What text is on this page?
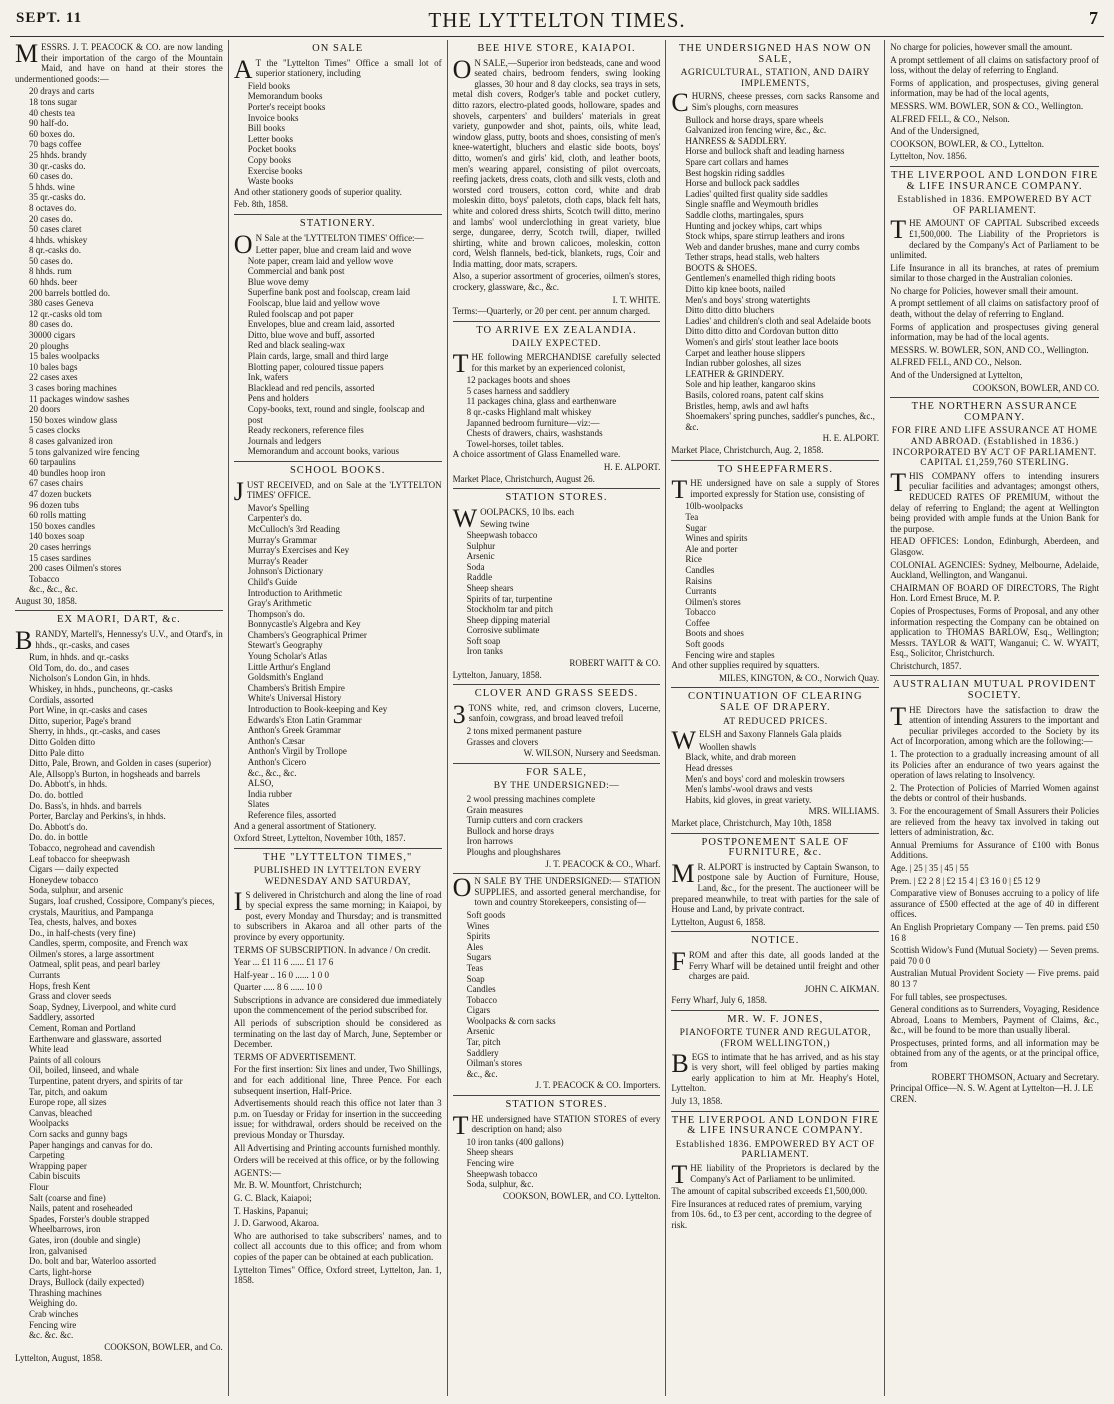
SEPT. 11	THE LYTTELTON TIMES.	7

MESSRS. J. T. PEACOCK & CO. are now landing their importation of the cargo of the Mountain Maid, and have on hand at their stores the undermentioned goods:—

20 drays and carts
18 tons sugar
40 chests tea
90 half-do.
60 boxes do.
70 bags coffee
25 hhds. brandy
30 qr.-casks do.
60 cases do.
5 hhds. wine
35 qr.-casks do.
8 octaves do.
20 cases do.
50 cases claret
4 hhds. whiskey
8 qr.-casks do.
50 cases do.
8 hhds. rum
60 hhds. beer
200 barrels bottled do.
380 cases Geneva
12 qr.-casks old tom
80 cases do.
30000 cigars
20 ploughs
15 bales woolpacks
10 bales bags
22 cases axes
3 cases boring machines
11 packages window sashes
20 doors
150 boxes window glass
5 cases clocks
8 cases galvanized iron
5 tons galvanized wire fencing
60 tarpaulins
40 bundles hoop iron
67 cases chairs
47 dozen buckets
96 dozen tubs
60 rolls matting
150 boxes candles
140 boxes soap
20 cases herrings
15 cases sardines
200 cases Oilmen's stores
Tobacco
&c., &c., &c.
August 30, 1858.
EX MAORI, DART, &c.

BRANDY, Martell's, Hennessy's U.V., and Otard's, in hhds., qr.-casks, and cases

Rum, in hhds. and qr.-casks
Old Tom, do. do., and cases
Nicholson's London Gin, in hhds.
Whiskey, in hhds., puncheons, qr.-casks
Cordials, assorted
Port Wine, in qr.-casks and cases
Ditto, superior, Page's brand
Sherry, in hhds., qr.-casks, and cases
Ditto Golden ditto
Ditto Pale ditto
Ditto, Pale, Brown, and Golden in cases (superior)
Ale, Allsopp's Burton, in hogsheads and barrels
Do. Abbott's, in hhds.
Do. do. bottled
Do. Bass's, in hhds. and barrels
Porter, Barclay and Perkins's, in hhds.
Do. Abbott's do.
Do. do. in bottle
Tobacco, negrohead and cavendish
Leaf tobacco for sheepwash
Cigars — daily expected
Honeydew tobacco
Soda, sulphur, and arsenic
Sugars, loaf crushed, Cossipore, Company's pieces, crystals, Mauritius, and Pampanga
Tea, chests, halves, and boxes
Do., in half-chests (very fine)
Candles, sperm, composite, and French wax
Oilmen's stores, a large assortment
Oatmeal, split peas, and pearl barley
Currants
Hops, fresh Kent
Grass and clover seeds
Soap, Sydney, Liverpool, and white curd
Saddlery, assorted
Cement, Roman and Portland
Earthenware and glassware, assorted
White lead
Paints of all colours
Oil, boiled, linseed, and whale
Turpentine, patent dryers, and spirits of tar
Tar, pitch, and oakum
Europe rope, all sizes
Canvas, bleached
Woolpacks
Corn sacks and gunny bags
Paper hangings and canvas for do.
Carpeting
Wrapping paper
Cabin biscuits
Flour
Salt (coarse and fine)
Nails, patent and roseheaded
Spades, Forster's double strapped
Wheelbarrows, iron
Gates, iron (double and single)
Iron, galvanised
Do. bolt and bar, Waterloo assorted
Carts, light-horse
Drays, Bullock (daily expected)
Thrashing machines
Weighing do.
Crab winches
Fencing wire
&c. &c. &c.
COOKSON, BOWLER, and Co.
Lyttelton, August, 1858.
ON SALE

AT the "Lyttelton Times" Office a small lot of superior stationery, including

Field books
Memorandum books
Porter's receipt books
Invoice books
Bill books
Letter books
Pocket books
Copy books
Exercise books
Waste books

And other stationery goods of superior quality.

Feb. 8th, 1858.
STATIONERY.

ON Sale at the 'LYTTELTON TIMES' Office:—

Letter paper, blue and cream laid and wove
Note paper, cream laid and yellow wove
Commercial and bank post
Blue wove demy
Superfine bank post and foolscap, cream laid
Foolscap, blue laid and yellow wove
Ruled foolscap and pot paper
Envelopes, blue and cream laid, assorted
Ditto, blue wove and buff, assorted
Red and black sealing-wax
Plain cards, large, small and third large
Blotting paper, coloured tissue papers
Ink, wafers
Blacklead and red pencils, assorted
Pens and holders
Copy-books, text, round and single, foolscap and post
Ready reckoners, reference files
Journals and ledgers
Memorandum and account books, various
SCHOOL BOOKS.

JUST RECEIVED, and on Sale at the 'LYTTELTON TIMES' OFFICE.

Mavor's Spelling
Carpenter's do.
McCulloch's 3rd Reading
Murray's Grammar
Murray's Exercises and Key
Murray's Reader
Johnson's Dictionary
Child's Guide
Introduction to Arithmetic
Gray's Arithmetic
Thompson's do.
Bonnycastle's Algebra and Key
Chambers's Geographical Primer
Stewart's Geography
Young Scholar's Atlas
Little Arthur's England
Goldsmith's England
Chambers's British Empire
White's Universal History
Introduction to Book-keeping and Key
Edwards's Eton Latin Grammar
Anthon's Greek Grammar
Anthon's Cæsar
Anthon's Virgil by Trollope
Anthon's Cicero
&c., &c., &c.
ALSO,
India rubber
Slates
Reference files, assorted

And a general assortment of Stationery.

Oxford Street, Lyttelton, November 10th, 1857.
THE "LYTTELTON TIMES,"
PUBLISHED IN LYTTELTON EVERY WEDNESDAY AND SATURDAY,

IS delivered in Christchurch and along the line of road by special express the same morning; in Kaiapoi, by post, every Monday and Thursday; and is transmitted to subscribers in Akaroa and all other parts of the province by every opportunity.

TERMS OF SUBSCRIPTION. In advance / On credit.

Year ... £1 11 6 ...... £1 17 6

Half-year .. 16 0 ...... 1 0 0

Quarter ..... 8 6 ...... 10 0

Subscriptions in advance are considered due immediately upon the commencement of the period subscribed for.

All periods of subscription should be considered as terminating on the last day of March, June, September or December.

TERMS OF ADVERTISEMENT.

For the first insertion: Six lines and under, Two Shillings, and for each additional line, Three Pence. For each subsequent insertion, Half-Price.

Advertisements should reach this office not later than 3 p.m. on Tuesday or Friday for insertion in the succeeding issue; for withdrawal, orders should be received on the previous Monday or Thursday.

All Advertising and Printing accounts furnished monthly.

Orders will be received at this office, or by the following

AGENTS:—

Mr. B. W. Mountfort, Christchurch;

G. C. Black, Kaiapoi;

T. Haskins, Papanui;

J. D. Garwood, Akaroa.

Who are authorised to take subscribers' names, and to collect all accounts due to this office; and from whom copies of the paper can be obtained at each publication.

Lyttelton Times" Office, Oxford street, Lyttelton, Jan. 1, 1858.

BEE HIVE STORE, KAIAPOI.

ON SALE,—Superior iron bedsteads, cane and wood seated chairs, bedroom fenders, swing looking glasses, 30 hour and 8 day clocks, sea trays in sets, metal dish covers, Rodger's table and pocket cutlery, ditto razors, electro-plated goods, holloware, spades and shovels, carpenters' and builders' materials in great variety, gunpowder and shot, paints, oils, white lead, window glass, putty, boots and shoes, consisting of men's knee-watertight, bluchers and elastic side boots, boys' ditto, women's and girls' kid, cloth, and leather boots, men's wearing apparel, consisting of pilot overcoats, reefing jackets, dress coats, cloth and silk vests, cloth and worsted cord trousers, cotton cord, white and drab moleskin ditto, boys' paletots, cloth caps, black felt hats, white and colored dress shirts, Scotch twill ditto, merino and lambs' wool underclothing in great variety, blue serge, dungaree, derry, Scotch twill, diaper, twilled shirting, white and brown calicoes, moleskin, cotton cord, Welsh flannels, bed-tick, blankets, rugs, Coir and India matting, door mats, scrapers.

Also, a superior assortment of groceries, oilmen's stores, crockery, glassware, &c., &c.

I. T. WHITE.
Terms:—Quarterly, or 20 per cent. per annum charged.
TO ARRIVE EX ZEALANDIA.
DAILY EXPECTED.

THE following MERCHANDISE carefully selected for this market by an experienced colonist,

12 packages boots and shoes
5 cases harness and saddlery
11 packages china, glass and earthenware
8 qr.-casks Highland malt whiskey
Japanned bedroom furniture—viz:—
Chests of drawers, chairs, washstands
Towel-horses, toilet tables.

A choice assortment of Glass Enamelled ware.

H. E. ALPORT.
Market Place, Christchurch, August 26.
STATION STORES.

WOOLPACKS, 10 lbs. each

Sewing twine
Sheepwash tobacco
Sulphur
Arsenic
Soda
Raddle
Sheep shears
Spirits of tar, turpentine
Stockholm tar and pitch
Sheep dipping material
Corrosive sublimate
Soft soap
Iron tanks
ROBERT WAITT & CO.
Lyttelton, January, 1858.
CLOVER AND GRASS SEEDS.

3TONS white, red, and crimson clovers, Lucerne, sanfoin, cowgrass, and broad leaved trefoil

2 tons mixed permanent pasture
Grasses and clovers
W. WILSON, Nursery and Seedsman.
FOR SALE,
BY THE UNDERSIGNED:—
2 wool pressing machines complete
Grain measures
Turnip cutters and corn crackers
Bullock and horse drays
Iron harrows
Ploughs and ploughshares
J. T. PEACOCK & CO., Wharf.

ON SALE BY THE UNDERSIGNED:— STATION SUPPLIES, and assorted general merchandise, for town and country Storekeepers, consisting of—

Soft goods
Wines
Spirits
Ales
Sugars
Teas
Soap
Candles
Tobacco
Cigars
Woolpacks & corn sacks
Arsenic
Tar, pitch
Saddlery
Oilman's stores
&c., &c.
J. T. PEACOCK & CO. Importers.
STATION STORES.

THE undersigned have STATION STORES of every description on hand; also

10 iron tanks (400 gallons)
Sheep shears
Fencing wire
Sheepwash tobacco
Soda, sulphur, &c.
COOKSON, BOWLER, and CO. Lyttelton.
THE UNDERSIGNED HAS NOW ON SALE,
AGRICULTURAL, STATION, AND DAIRY IMPLEMENTS,

CHURNS, cheese presses, corn sacks Ransome and Sim's ploughs, corn measures

Bullock and horse drays, spare wheels
Galvanized iron fencing wire, &c., &c.
HANRESS & SADDLERY.
Horse and bullock shaft and leading harness
Spare cart collars and hames
Best hogskin riding saddles
Horse and bullock pack saddles
Ladies' quilted first quality side saddles
Single snaffle and Weymouth bridles
Saddle cloths, martingales, spurs
Hunting and jockey whips, cart whips
Stock whips, spare stirrup leathers and irons
Web and dander brushes, mane and curry combs
Tether straps, head stalls, web halters
BOOTS & SHOES.
Gentlemen's enamelled thigh riding boots
Ditto kip knee boots, nailed
Men's and boys' strong watertights
Ditto ditto ditto bluchers
Ladies' and children's cloth and seal Adelaide boots
Ditto ditto ditto and Cordovan button ditto
Women's and girls' stout leather lace boots
Carpet and leather house slippers
Indian rubber goloshes, all sizes
LEATHER & GRINDERY.
Sole and hip leather, kangaroo skins
Basils, colored roans, patent calf skins
Bristles, hemp, awls and awl hafts
Shoemakers' spring punches, saddler's punches, &c., &c.
H. E. ALPORT.
Market Place, Christchurch, Aug. 2, 1858.
TO SHEEPFARMERS.

THE undersigned have on sale a supply of Stores imported expressly for Station use, consisting of

10lb-woolpacks
Tea
Sugar
Wines and spirits
Ale and porter
Rice
Candles
Raisins
Currants
Oilmen's stores
Tobacco
Coffee
Boots and shoes
Soft goods
Fencing wire and staples

And other supplies required by squatters.

MILES, KINGTON, & CO., Norwich Quay.
CONTINUATION OF CLEARING SALE OF DRAPERY.
AT REDUCED PRICES.

WELSH and Saxony Flannels Gala plaids

Woollen shawls
Black, white, and drab moreen
Head dresses
Men's and boys' cord and moleskin trowsers
Men's lambs'-wool draws and vests
Habits, kid gloves, in great variety.
MRS. WILLIAMS.
Market place, Christchurch, May 10th, 1858
POSTPONEMENT SALE OF FURNITURE, &c.

MR. ALPORT is instructed by Captain Swanson, to postpone sale by Auction of Furniture, House, Land, &c., for the present. The auctioneer will be prepared meanwhile, to treat with parties for the sale of House and Land, by private contract.

Lyttelton, August 6, 1858.
NOTICE.

FROM and after this date, all goods landed at the Ferry Wharf will be detained until freight and other charges are paid.

JOHN C. AIKMAN.
Ferry Wharf, July 6, 1858.
MR. W. F. JONES,
PIANOFORTE TUNER AND REGULATOR, (FROM WELLINGTON,)

BEGS to intimate that he has arrived, and as his stay is very short, will feel obliged by parties making early application to him at Mr. Heaphy's Hotel, Lyttelton.

July 13, 1858.
THE LIVERPOOL AND LONDON FIRE & LIFE INSURANCE COMPANY.
Established 1836. EMPOWERED BY ACT OF PARLIAMENT.

THE liability of the Proprietors is declared by the Company's Act of Parliament to be unlimited.

The amount of capital subscribed exceeds £1,500,000.

Fire Insurances at reduced rates of premium, varying from 10s. 6d., to £3 per cent, according to the degree of risk.

No charge for policies, however small the amount.

A prompt settlement of all claims on satisfactory proof of loss, without the delay of referring to England.

Forms of application, and prospectuses, giving general information, may be had of the local agents,

MESSRS. WM. BOWLER, SON & CO., Wellington.

ALFRED FELL, & CO., Nelson.

And of the Undersigned,

COOKSON, BOWLER, & CO., Lyttelton.

Lyttelton, Nov. 1856.
THE LIVERPOOL AND LONDON FIRE & LIFE INSURANCE COMPANY.
Established in 1836. EMPOWERED BY ACT OF PARLIAMENT.

THE AMOUNT OF CAPITAL Subscribed exceeds £1,500,000. The Liability of the Proprietors is declared by the Company's Act of Parliament to be unlimited.

Life Insurance in all its branches, at rates of premium similar to those charged in the Australian colonies.

No charge for Policies, however small their amount.

A prompt settlement of all claims on satisfactory proof of death, without the delay of referring to England.

Forms of application and prospectuses giving general information, may be had of the local agents.

MESSRS. W. BOWLER, SON, AND CO., Wellington.

ALFRED FELL, AND CO., Nelson.

And of the Undersigned at Lyttelton,

COOKSON, BOWLER, AND CO.
THE NORTHERN ASSURANCE COMPANY.
FOR FIRE AND LIFE ASSURANCE AT HOME AND ABROAD. (Established in 1836.) INCORPORATED BY ACT OF PARLIAMENT. CAPITAL £1,259,760 STERLING.

THIS COMPANY offers to intending insurers peculiar facilities and advantages; amongst others, REDUCED RATES OF PREMIUM, without the delay of referring to England; the agent at Wellington being provided with ample funds at the Union Bank for the purpose.

HEAD OFFICES: London, Edinburgh, Aberdeen, and Glasgow.

COLONIAL AGENCIES: Sydney, Melbourne, Adelaide, Auckland, Wellington, and Wanganui.

CHAIRMAN OF BOARD OF DIRECTORS, The Right Hon. Lord Ernest Bruce, M. P.

Copies of Prospectuses, Forms of Proposal, and any other information respecting the Company can be obtained on application to THOMAS BARLOW, Esq., Wellington; Messrs. TAYLOR & WATT, Wanganui; C. W. WYATT, Esq., Solicitor, Christchurch.

Christchurch, 1857.
AUSTRALIAN MUTUAL PROVIDENT SOCIETY.

THE Directors have the satisfaction to draw the attention of intending Assurers to the important and peculiar privileges accorded to the Society by its Act of Incorporation, among which are the following:—

1. The protection to a gradually increasing amount of all its Policies after an endurance of two years against the operation of laws relating to Insolvency.

2. The Protection of Policies of Married Women against the debts or control of their husbands.

3. For the encouragement of Small Assurers their Policies are relieved from the heavy tax involved in taking out letters of administration, &c.

Annual Premiums for Assurance of £100 with Bonus Additions.

Age. | 25 | 35 | 45 | 55

Prem. | £2 2 8 | £2 15 4 | £3 16 0 | £5 12 9

Comparative view of Bonuses accruing to a policy of life assurance of £500 effected at the age of 40 in different offices.

An English Proprietary Company — Ten prems. paid £50 16 8

Scottish Widow's Fund (Mutual Society) — Seven prems. paid 70 0 0

Australian Mutual Provident Society — Five prems. paid 80 13 7

For full tables, see prospectuses.

General conditions as to Surrenders, Voyaging, Residence Abroad, Loans to Members, Payment of Claims, &c., &c., will be found to be more than usually liberal.

Prospectuses, printed forms, and all information may be obtained from any of the agents, or at the principal office, from

ROBERT THOMSON, Actuary and Secretary.
Principal Office—N. S. W. Agent at Lyttelton—H. J. LE CREN.
